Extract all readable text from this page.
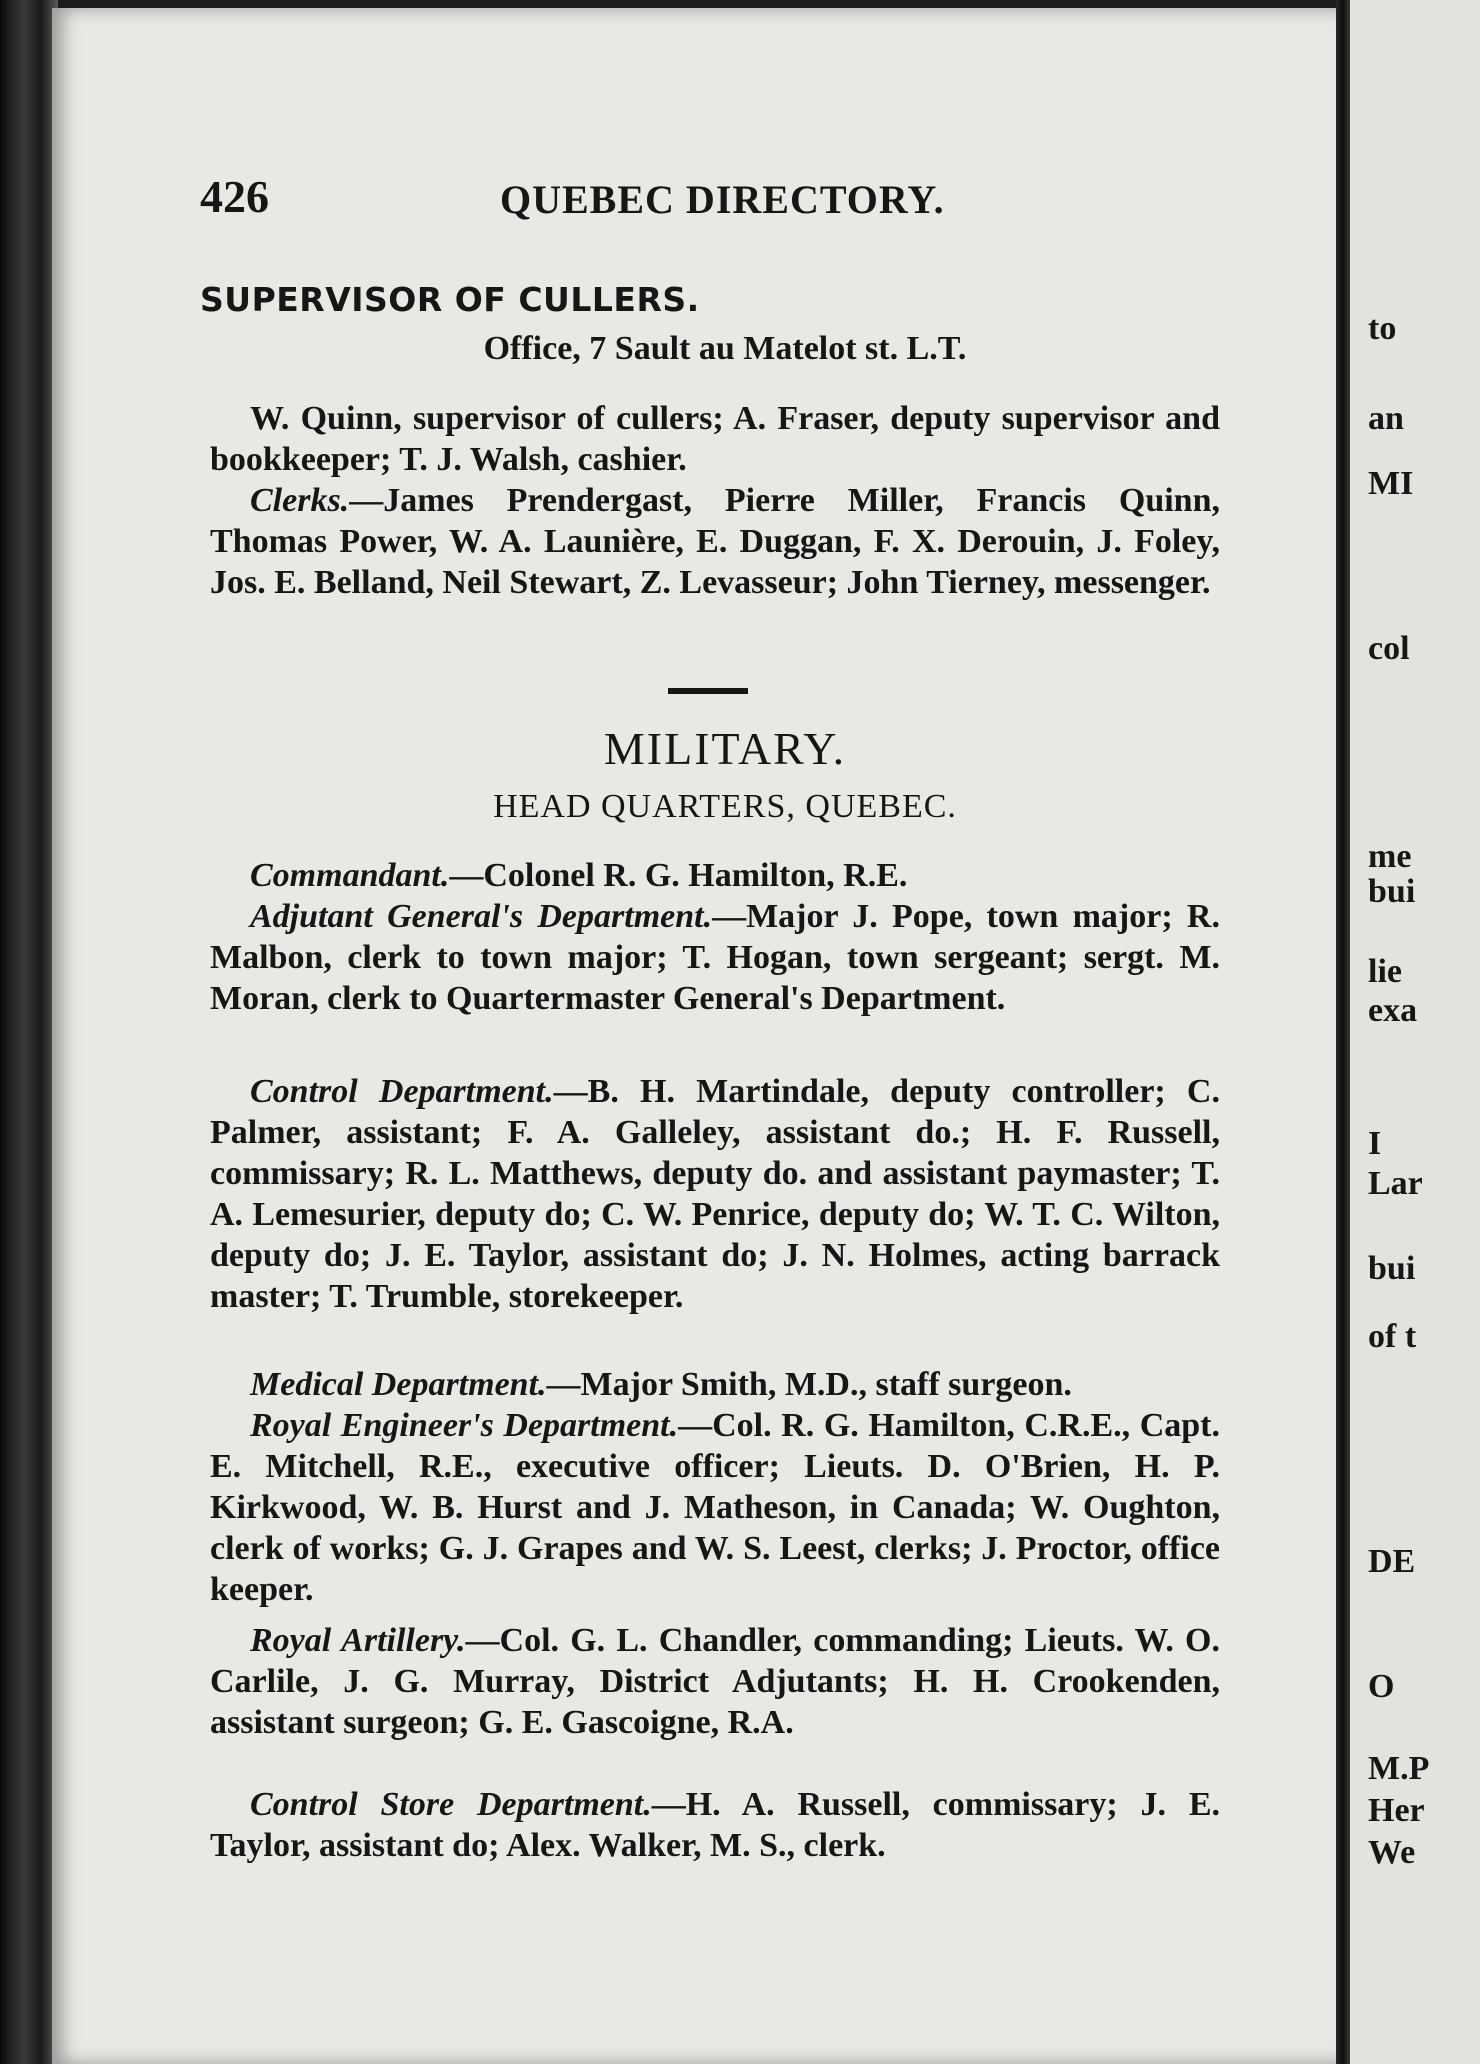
426	QUEBEC DIRECTORY.
SUPERVISOR OF CULLERS.
Office, 7 Sault au Matelot st. L.T.

W. Quinn, supervisor of cullers; A. Fraser, deputy supervisor and bookkeeper; T. J. Walsh, cashier.

Clerks.—James Prendergast, Pierre Miller, Francis Quinn, Thomas Power, W. A. Launière, E. Duggan, F. X. Derouin, J. Foley, Jos. E. Belland, Neil Stewart, Z. Levasseur; John Tierney, messenger.

MILITARY.
HEAD QUARTERS, QUEBEC.

Commandant.—Colonel R. G. Hamilton, R.E.

Adjutant General's Department.—Major J. Pope, town major; R. Malbon, clerk to town major; T. Hogan, town sergeant; sergt. M. Moran, clerk to Quartermaster General's Department.

Control Department.—B. H. Martindale, deputy controller; C. Palmer, assistant; F. A. Galleley, assistant do.; H. F. Russell, commissary; R. L. Matthews, deputy do. and assistant paymaster; T. A. Lemesurier, deputy do; C. W. Penrice, deputy do; W. T. C. Wilton, deputy do; J. E. Taylor, assistant do; J. N. Holmes, acting barrack master; T. Trumble, storekeeper.

Medical Department.—Major Smith, M.D., staff surgeon.

Royal Engineer's Department.—Col. R. G. Hamilton, C.R.E., Capt. E. Mitchell, R.E., executive officer; Lieuts. D. O'Brien, H. P. Kirkwood, W. B. Hurst and J. Matheson, in Canada; W. Oughton, clerk of works; G. J. Grapes and W. S. Leest, clerks; J. Proctor, office keeper.

Royal Artillery.—Col. G. L. Chandler, commanding; Lieuts. W. O. Carlile, J. G. Murray, District Adjutants; H. H. Crookenden, assistant surgeon; G. E. Gascoigne, R.A.

Control Store Department.—H. A. Russell, commissary; J. E. Taylor, assistant do; Alex. Walker, M. S., clerk.

to
an
MI
col
me
bui
lie
exa
I
Lar
bui
of t
DE
O
M.P
Her
We
